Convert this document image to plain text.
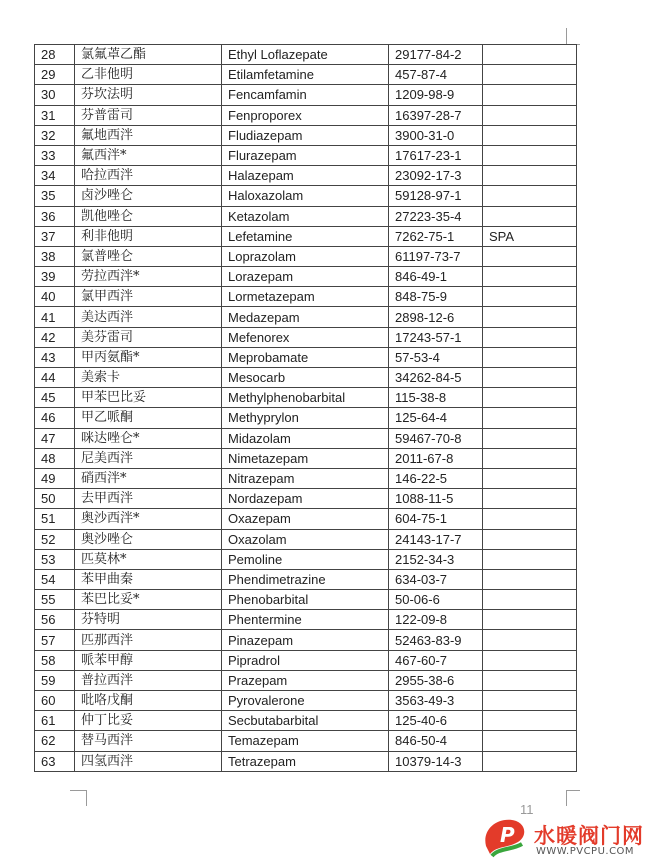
28	氯氟䓬乙酯	Ethyl Loflazepate	29177-84-2	
29	乙非他明	Etilamfetamine	457-87-4	
30	芬坎法明	Fencamfamin	1209-98-9	
31	芬普雷司	Fenproporex	16397-28-7	
32	氟地西泮	Fludiazepam	3900-31-0	
33	氟西泮*	Flurazepam	17617-23-1	
34	哈拉西泮	Halazepam	23092-17-3	
35	卤沙唑仑	Haloxazolam	59128-97-1	
36	凯他唑仑	Ketazolam	27223-35-4	
37	利非他明	Lefetamine	7262-75-1	SPA
38	氯普唑仑	Loprazolam	61197-73-7	
39	劳拉西泮*	Lorazepam	846-49-1	
40	氯甲西泮	Lormetazepam	848-75-9	
41	美达西泮	Medazepam	2898-12-6	
42	美芬雷司	Mefenorex	17243-57-1	
43	甲丙氨酯*	Meprobamate	57-53-4	
44	美索卡	Mesocarb	34262-84-5	
45	甲苯巴比妥	Methylphenobarbital	115-38-8	
46	甲乙哌酮	Methyprylon	125-64-4	
47	咪达唑仑*	Midazolam	59467-70-8	
48	尼美西泮	Nimetazepam	2011-67-8	
49	硝西泮*	Nitrazepam	146-22-5	
50	去甲西泮	Nordazepam	1088-11-5	
51	奥沙西泮*	Oxazepam	604-75-1	
52	奥沙唑仑	Oxazolam	24143-17-7	
53	匹莫林*	Pemoline	2152-34-3	
54	苯甲曲秦	Phendimetrazine	634-03-7	
55	苯巴比妥*	Phenobarbital	50-06-6	
56	芬特明	Phentermine	122-09-8	
57	匹那西泮	Pinazepam	52463-83-9	
58	哌苯甲醇	Pipradrol	467-60-7	
59	普拉西泮	Prazepam	2955-38-6	
60	吡咯戊酮	Pyrovalerone	3563-49-3	
61	仲丁比妥	Secbutabarbital	125-40-6	
62	替马西泮	Temazepam	846-50-4	
63	四氢西泮	Tetrazepam	10379-14-3	
11
P 水暖阀门网
WWW.PVCPU.COM
